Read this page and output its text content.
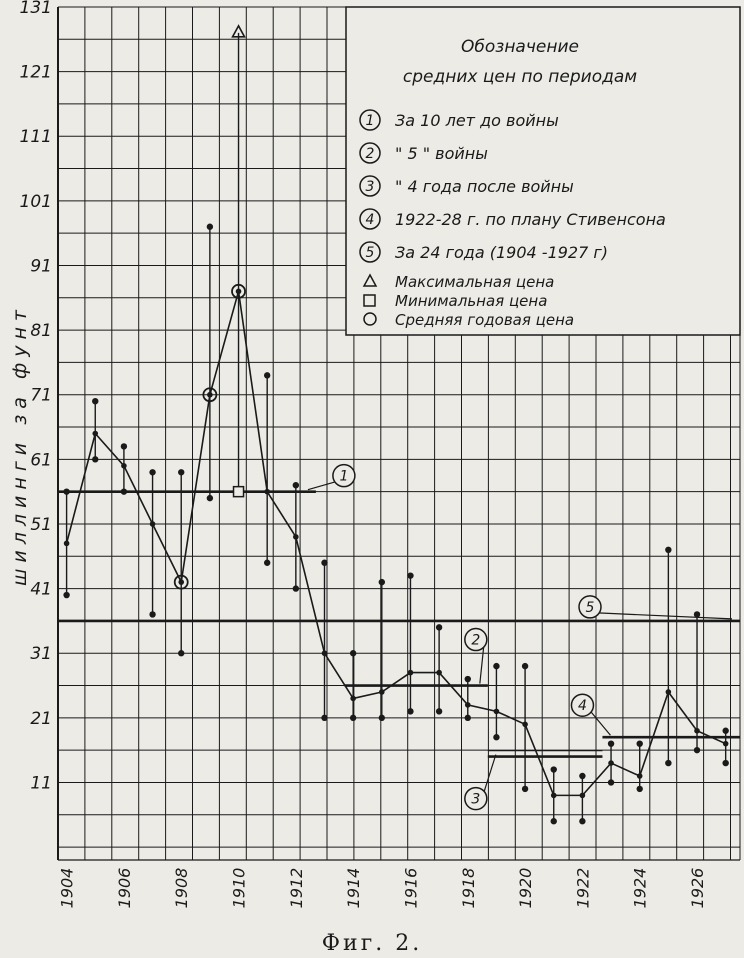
1
2
3
4
5
11
21
31
41
51
61
71
81
91
101
111
121
131
1904 1906 1908 1910 1912 1914 1916 1918 1920 1922 1924 1926
Обозначение
средних цен по периодам
1 За 10 лет до войны
2 " 5 " войны
3 " 4 года после войны
4 1922-28 г. по плану Стивенсона
5 За 24 года (1904 -1927 г)
Максимальная цена
Минимальная цена
Средняя годовая цена
шиллинги за фунт
Фиг. 2.
